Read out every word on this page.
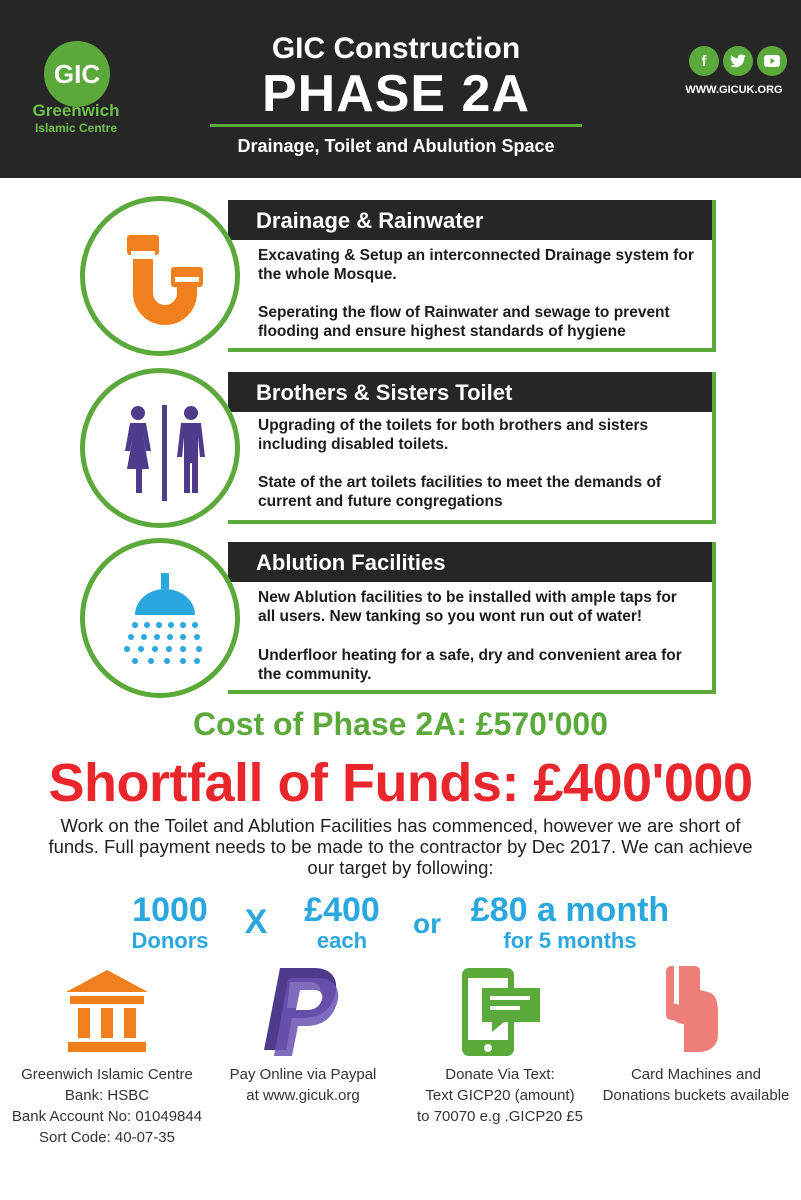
GIC
Greenwich
Islamic Centre
GIC Construction
PHASE 2A
Drainage, Toilet and Abulution Space
f
WWW.GICUK.ORG
Drainage & Rainwater
Excavating & Setup an interconnected Drainage system for the whole Mosque.
Seperating the flow of Rainwater and sewage to prevent flooding and ensure highest standards of hygiene
Brothers & Sisters Toilet
Upgrading of the toilets for both brothers and sisters including disabled toilets.
State of the art toilets facilities to meet the demands of current and future congregations
Ablution Facilities
New Ablution facilities to be installed with ample taps for all users. New tanking so you wont run out of water!
Underfloor heating for a safe, dry and convenient area for the community.
Cost of Phase 2A: £570'000
Shortfall of Funds: £400'000
Work on the Toilet and Ablution Facilities has commenced, however we are short of funds. Full payment needs to be made to the contractor by Dec 2017. We can achieve our target by following:
1000
Donors	X	£400
each
or £80 a month
for 5 months
Greenwich Islamic Centre
Bank: HSBC
Bank Account No: 01049844
Sort Code: 40-07-35
Pay Online via Paypal
at www.gicuk.org
Donate Via Text:
Text GICP20 (amount)
to 70070 e.g .GICP20 £5
Card Machines and
Donations buckets available
